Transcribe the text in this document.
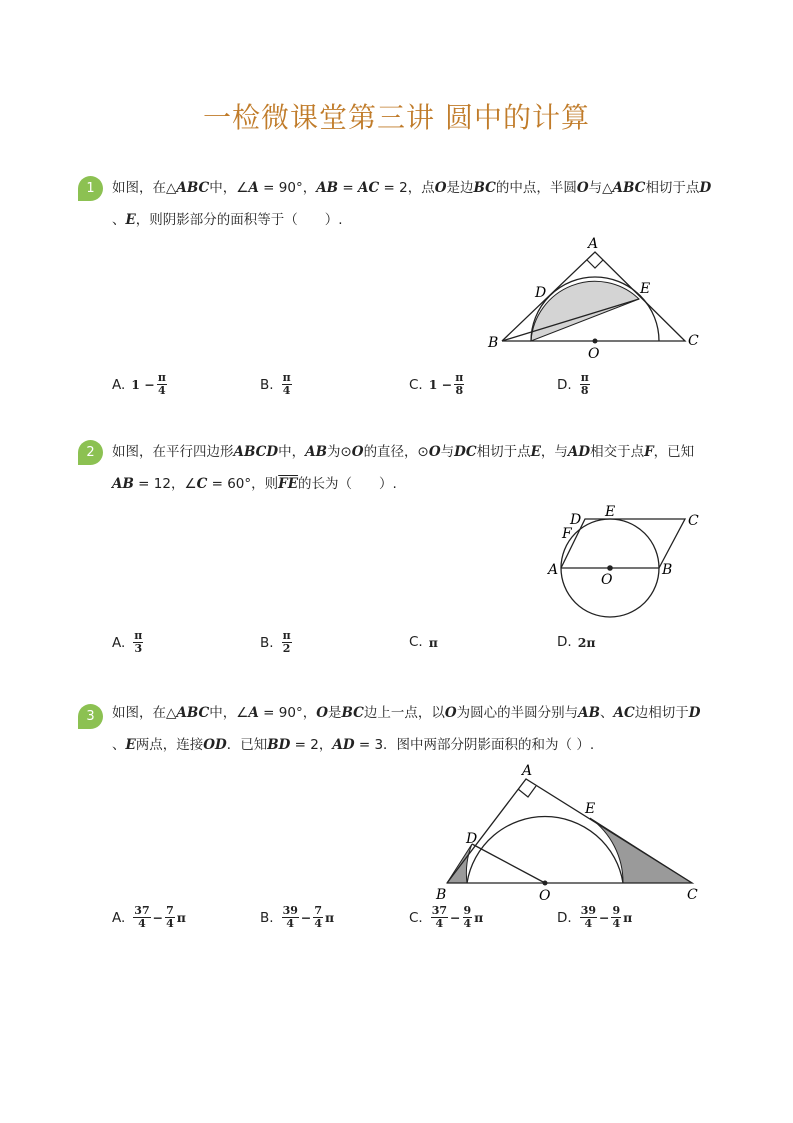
一检微课堂第三讲 圆中的计算
1	如图，在△ABC中，∠A = 90°，AB = AC = 2，点O是边BC的中点，半圆O与△ABC相切于点D
、E，则阴影部分的面积等于（　　）.
A
B	C
D	E
O
A. $1 - \frac{\pi}{4}$	B. $\frac{\pi}{4}$	C. $1 - \frac{\pi}{8}$	D. $\frac{\pi}{8}$
2	如图，在平行四边形ABCD中，AB为⊙O的直径，⊙O与DC相切于点E，与AD相交于点F，已知
AB = 12，∠C = 60°，则$\overline{FE}$的长为（　　）.
A	B
C
D E
F
O
A. $\frac{\pi}{3}$	B. $\frac{\pi}{2}$	C. π	D. 2π
3	如图，在△ABC中，∠A = 90°，O是BC边上一点，以O为圆心的半圆分别与AB、AC边相切于D
、E两点，连接OD．已知BD = 2，AD = 3．图中两部分阴影面积的和为（ ）.
A
B	C
D
E
O
A. $\frac{37}{4} - \frac{7}{4}$ π	B. $\frac{39}{4} - \frac{7}{4}$ π	C. $\frac{37}{4} - \frac{9}{4}$ π	D. $\frac{39}{4} - \frac{9}{4}$ π
